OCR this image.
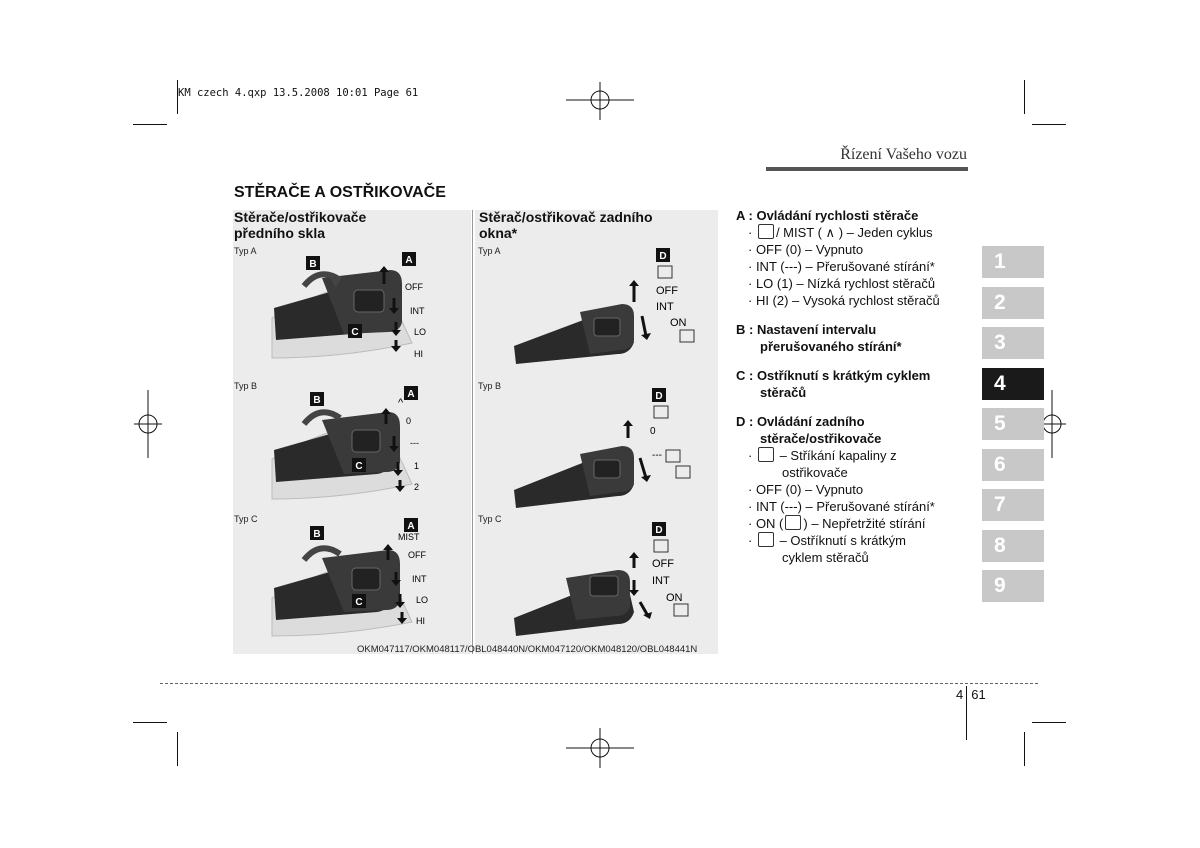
KM czech 4.qxp 13.5.2008 10:01 Page 61
Řízení Vašeho vozu
STĚRAČE A OSTŘIKOVAČE
Stěrače/ostřikovače
předního skla
Stěrač/ostřikovač zadního
okna*
Typ A
Typ B
Typ C
Typ A
Typ B
Typ C
B	A
C
OFF
INT
LO
HI
B
A
C
^
0
---
1
2
B
A
C
MIST
OFF
INT
LO
HI
D
OFF
INT
ON
D
0
---
D
OFF
INT
ON
OKM047117/OKM048117/OBL048440N/OKM047120/OKM048120/OBL048441N
A : Ovládání rychlosti stěrače
· / MIST ( ∧ ) – Jeden cyklus
· OFF (0) – Vypnuto
· INT (---) – Přerušované stírání*
· LO (1) – Nízká rychlost stěračů
· HI (2) – Vysoká rychlost stěračů
B : Nastavení intervalu
přerušovaného stírání*
C : Ostříknutí s krátkým cyklem
stěračů
D : Ovládání zadního
stěrače/ostřikovače
·  – Stříkání kapaliny z
ostřikovače
· OFF (0) – Vypnuto
· INT (---) – Přerušované stírání*
· ON ( ) – Nepřetržité stírání
·  – Ostříknutí s krátkým
cyklem stěračů
1
2
3
4
5
6
7
8
9
4 61
